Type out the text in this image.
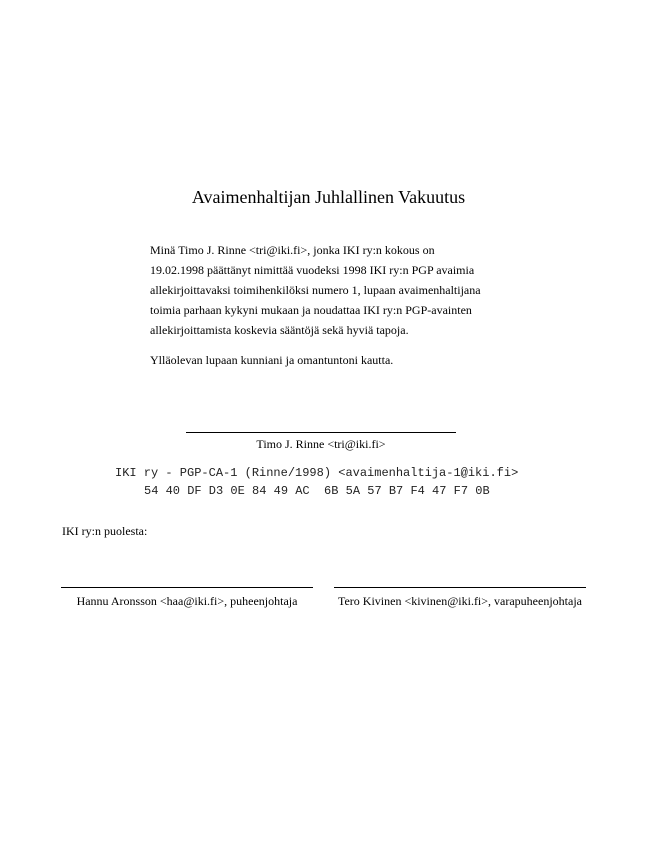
Avaimenhaltijan Juhlallinen Vakuutus
Minä Timo J. Rinne <tri@iki.fi>, jonka IKI ry:n kokous on
19.02.1998 päättänyt nimittää vuodeksi 1998 IKI ry:n PGP avaimia
allekirjoittavaksi toimihenkilöksi numero 1, lupaan avaimenhaltijana
toimia parhaan kykyni mukaan ja noudattaa IKI ry:n PGP-avainten
allekirjoittamista koskevia sääntöjä sekä hyviä tapoja.
Ylläolevan lupaan kunniani ja omantuntoni kautta.
Timo J. Rinne <tri@iki.fi>
IKI ry - PGP-CA-1 (Rinne/1998) <avaimenhaltija-1@iki.fi>
54 40 DF D3 0E 84 49 AC  6B 5A 57 B7 F4 47 F7 0B
IKI ry:n puolesta:
Hannu Aronsson <haa@iki.fi>, puheenjohtaja	Tero Kivinen <kivinen@iki.fi>, varapuheenjohtaja
